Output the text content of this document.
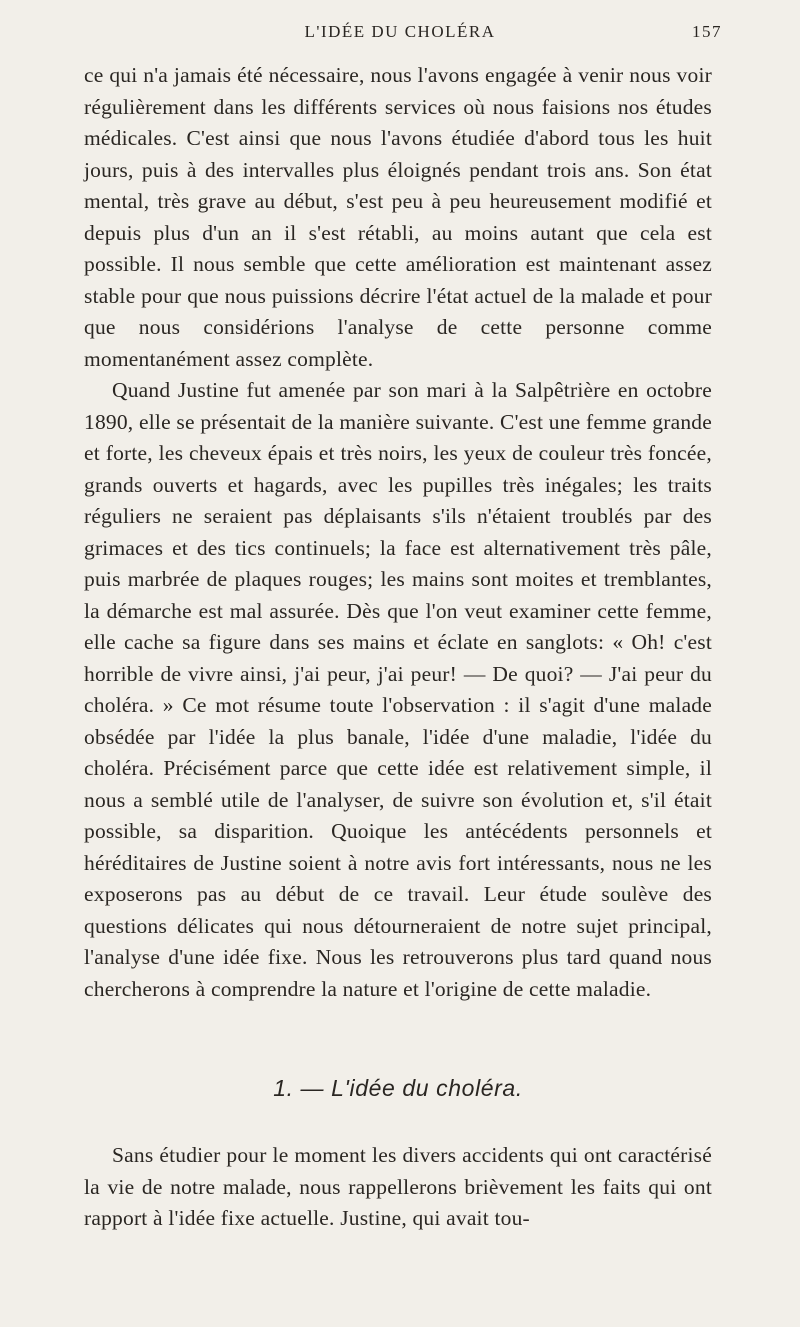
L'IDÉE DU CHOLÉRA	157

ce qui n'a jamais été nécessaire, nous l'avons engagée à venir nous voir régulièrement dans les différents services où nous faisions nos études médicales. C'est ainsi que nous l'avons étudiée d'abord tous les huit jours, puis à des intervalles plus éloignés pendant trois ans. Son état mental, très grave au début, s'est peu à peu heureusement modifié et depuis plus d'un an il s'est rétabli, au moins autant que cela est possible. Il nous semble que cette amélioration est maintenant assez stable pour que nous puissions décrire l'état actuel de la malade et pour que nous considérions l'analyse de cette personne comme momentanément assez complète.

Quand Justine fut amenée par son mari à la Salpêtrière en octobre 1890, elle se présentait de la manière suivante. C'est une femme grande et forte, les cheveux épais et très noirs, les yeux de couleur très foncée, grands ouverts et hagards, avec les pupilles très inégales; les traits réguliers ne seraient pas déplaisants s'ils n'étaient troublés par des grimaces et des tics continuels; la face est alternativement très pâle, puis marbrée de plaques rouges; les mains sont moites et tremblantes, la démarche est mal assurée. Dès que l'on veut examiner cette femme, elle cache sa figure dans ses mains et éclate en sanglots: « Oh! c'est horrible de vivre ainsi, j'ai peur, j'ai peur! — De quoi? — J'ai peur du choléra. » Ce mot résume toute l'observation : il s'agit d'une malade obsédée par l'idée la plus banale, l'idée d'une maladie, l'idée du choléra. Précisément parce que cette idée est relativement simple, il nous a semblé utile de l'analyser, de suivre son évolution et, s'il était possible, sa disparition. Quoique les antécédents personnels et héréditaires de Justine soient à notre avis fort intéressants, nous ne les exposerons pas au début de ce travail. Leur étude soulève des questions délicates qui nous détourneraient de notre sujet principal, l'analyse d'une idée fixe. Nous les retrouverons plus tard quand nous chercherons à comprendre la nature et l'origine de cette maladie.

1. — L'idée du choléra.

Sans étudier pour le moment les divers accidents qui ont caractérisé la vie de notre malade, nous rappellerons brièvement les faits qui ont rapport à l'idée fixe actuelle. Justine, qui avait tou-
